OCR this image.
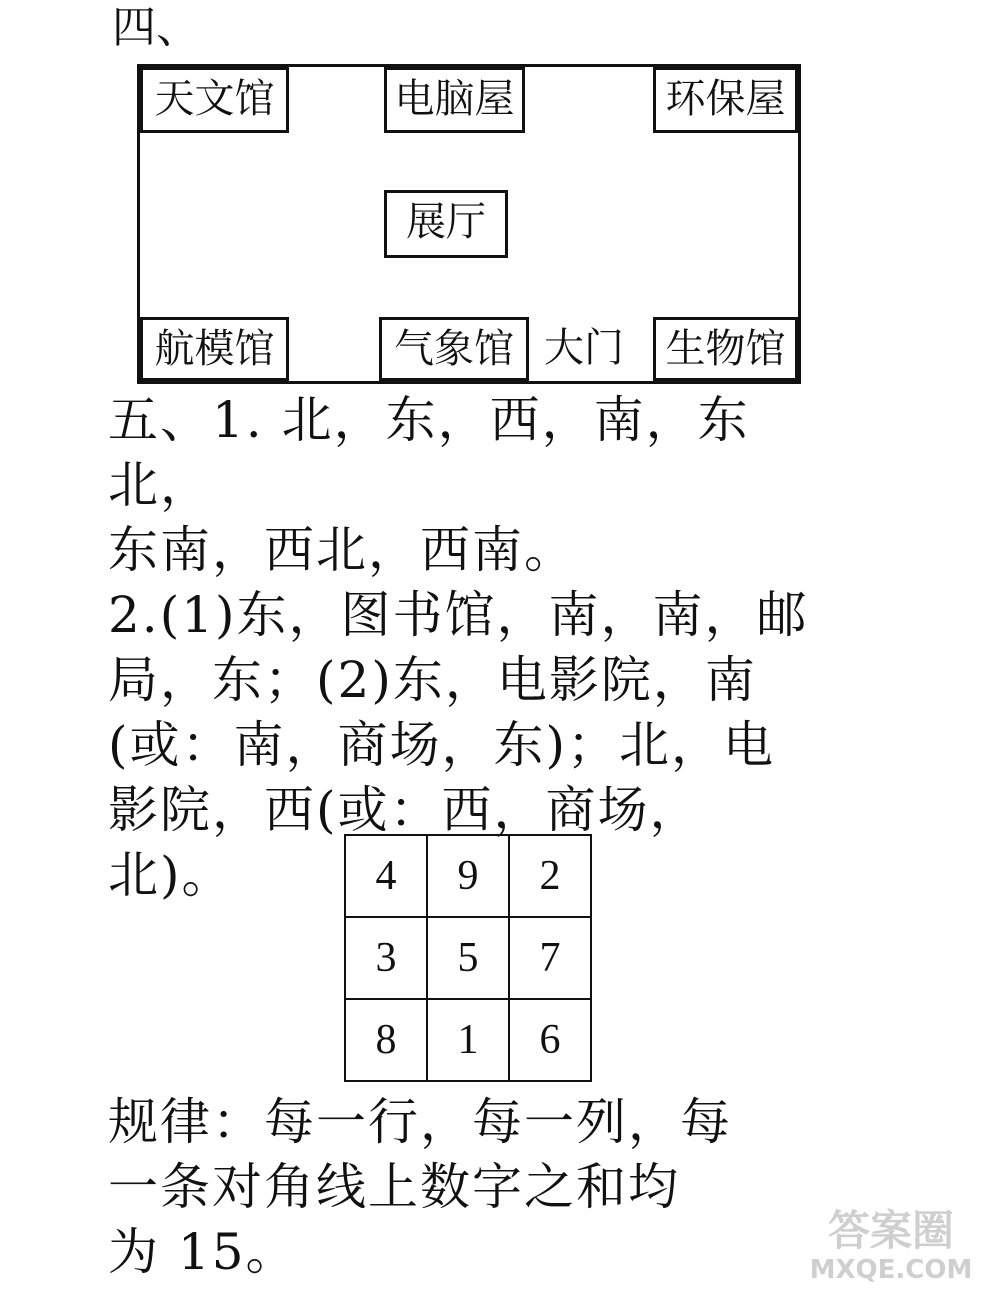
四、
天文馆	电脑屋	环保屋
展厅
航模馆	气象馆 大门	生物馆

五、1. 北，东，西，南，东北，

东南，西北，西南。

2.(1)东，图书馆，南，南，邮

局，东；(2)东，电影院，南

(或：南，商场，东)；北，电

影院，西(或：西，商场，

北)。	4	9	2
3	5	7
8	1	6

规律：每一行，每一列，每

一条对角线上数字之和均

为 15。	答案圈
MXQE.COM
